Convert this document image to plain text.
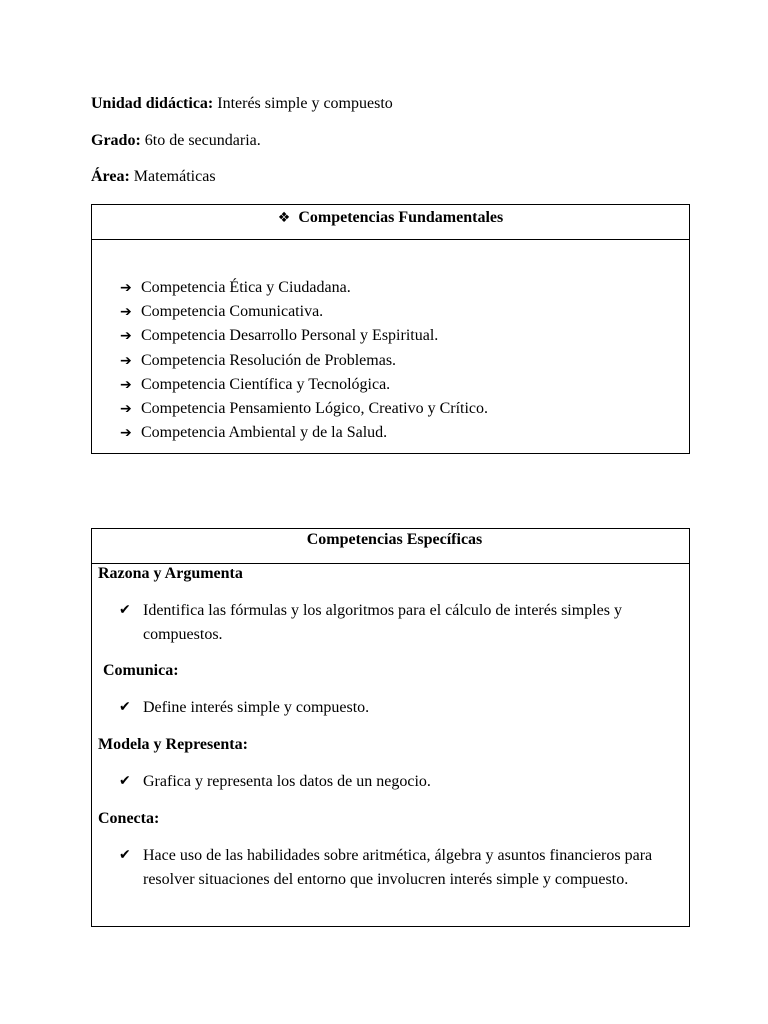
Unidad didáctica: Interés simple y compuesto
Grado: 6to de secundaria.
Área: Matemáticas
❖ Competencias Fundamentales
➔ Competencia Ética y Ciudadana.
➔ Competencia Comunicativa.
➔ Competencia Desarrollo Personal y Espiritual.
➔ Competencia Resolución de Problemas.
➔ Competencia Científica y Tecnológica.
➔ Competencia Pensamiento Lógico, Creativo y Crítico.
➔ Competencia Ambiental y de la Salud.
Competencias Específicas
Razona y Argumenta
✔ Identifica las fórmulas y los algoritmos para el cálculo de interés simples y compuestos.
Comunica:
✔ Define interés simple y compuesto.
Modela y Representa:
✔ Grafica y representa los datos de un negocio.
Conecta:
✔ Hace uso de las habilidades sobre aritmética, álgebra y asuntos financieros para resolver situaciones del entorno que involucren interés simple y compuesto.
